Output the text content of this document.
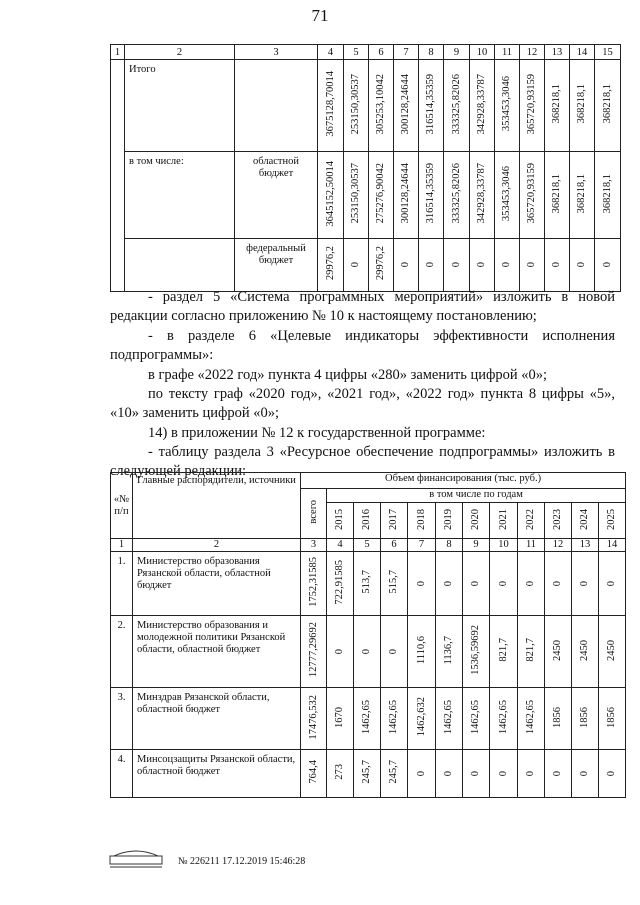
71
1	2	3	4	5	6	7	8	9	10	11	12	13	14	15
	Итого		3675128,70014	253150,30537	305253,10042	300128,24644	316514,35359	333325,82026	342928,33787	353453,3046	365720,93159	368218,1	368218,1	368218,1
	в том числе:	областной бюджет	3645152,50014	253150,30537	275276,90042	300128,24644	316514,35359	333325,82026	342928,33787	353453,3046	365720,93159	368218,1	368218,1	368218,1
		федеральный бюджет	29976,2	0	29976,2	0	0	0	0	0	0	0	0	0
- раздел 5 «Система программных мероприятий» изложить в новой редакции согласно приложению № 10 к настоящему постановлению;
- в разделе 6 «Целевые индикаторы эффективности исполнения подпрограммы»:
в графе «2022 год» пункта 4 цифры «280» заменить цифрой «0»;
по тексту граф «2020 год», «2021 год», «2022 год» пункта 8 цифры «5», «10» заменить цифрой «0»;
14) в приложении № 12 к государственной программе:
- таблицу раздела 3 «Ресурсное обеспечение подпрограммы» изложить в следующей редакции:
«№ п/п	Главные распорядители, источники	Объем финансирования (тыс. руб.)											
		всего	в том числе по годам										
			2015	2016	2017	2018	2019	2020	2021	2022	2023	2024	2025
1	2	3	4	5	6	7	8	9	10	11	12	13	14
1.	Министерство образования Рязанской области, областной бюджет	1752,31585	722,91585	513,7	515,7	0	0	0	0	0	0	0	0
2.	Министерство образования и молодежной политики Рязанской области, областной бюджет	12777,29692	0	0	0	1110,6	1136,7	1536,59692	821,7	821,7	2450	2450	2450
3.	Минздрав Рязанской области, областной бюджет	17476,532	1670	1462,65	1462,65	1462,632	1462,65	1462,65	1462,65	1462,65	1856	1856	1856
4.	Минсоцзащиты Рязанской области, областной бюджет	764,4	273	245,7	245,7	0	0	0	0	0	0	0	0
№ 226211 17.12.2019 15:46:28
